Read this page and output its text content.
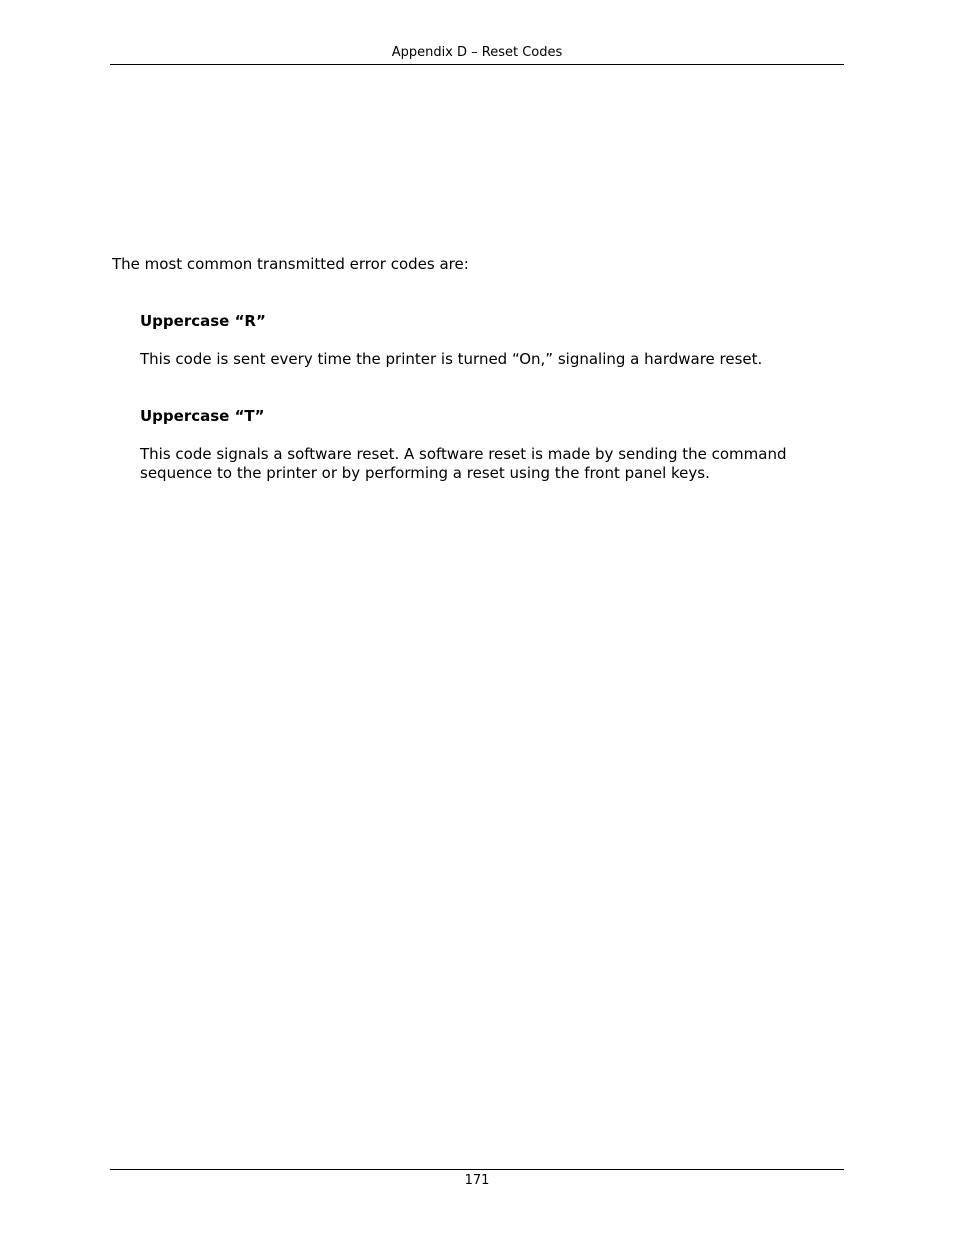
Appendix D – Reset Codes

The most common transmitted error codes are:

Uppercase “R”

This code is sent every time the printer is turned “On,” signaling a hardware reset.

Uppercase “T”

This code signals a software reset. A software reset is made by sending the command sequence to the printer or by performing a reset using the front panel keys.

171
